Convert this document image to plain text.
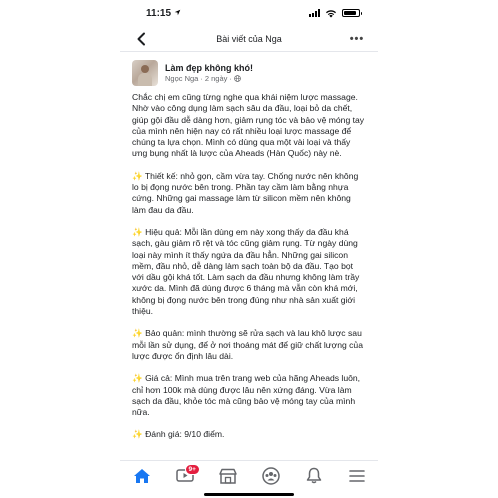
11:15
Bài viết của Nga	•••
Làm đẹp không khó!
Ngọc Nga · 2 ngày ·

Chắc chị em cũng từng nghe qua khái niệm lược massage. Nhờ vào công dụng làm sạch sâu da đầu, loại bỏ da chết, giúp gội đầu dễ dàng hơn, giảm rụng tóc và bảo vệ móng tay của mình nên hiện nay có rất nhiều loại lược massage để chúng ta lựa chọn. Mình có dùng qua một vài loại và thấy ưng bụng nhất là lược của Aheads (Hàn Quốc) này nè.

✨ Thiết kế: nhỏ gọn, cầm vừa tay. Chống nước nên không lo bị đọng nước bên trong. Phần tay cầm làm bằng nhựa cứng. Những gai massage làm từ silicon mềm nên không làm đau da đầu.

✨ Hiệu quả: Mỗi lần dùng em này xong thấy da đầu khá sạch, gàu giảm rõ rệt và tóc cũng giảm rụng. Từ ngày dùng loại này mình ít thấy ngứa da đầu hẳn. Những gai silicon mềm, đầu nhỏ, dễ dàng làm sạch toàn bộ da đầu. Tạo bọt với dầu gội khá tốt. Làm sạch da đầu nhưng không làm trầy xước da. Mình đã dùng được 6 tháng mà vẫn còn khá mới, không bị đọng nước bên trong đúng như nhà sản xuất giới thiệu.

✨ Bảo quản: mình thường sẽ rửa sạch và lau khô lược sau mỗi lần sử dụng, để ở nơi thoáng mát để giữ chất lượng của lược được ổn định lâu dài.

✨ Giá cả: Mình mua trên trang web của hãng Aheads luôn, chỉ hơn 100k mà dùng được lâu nên xứng đáng. Vừa làm sạch da đầu, khỏe tóc mà cũng bảo vệ móng tay của mình nữa.

✨ Đánh giá: 9/10 điểm.

9+
